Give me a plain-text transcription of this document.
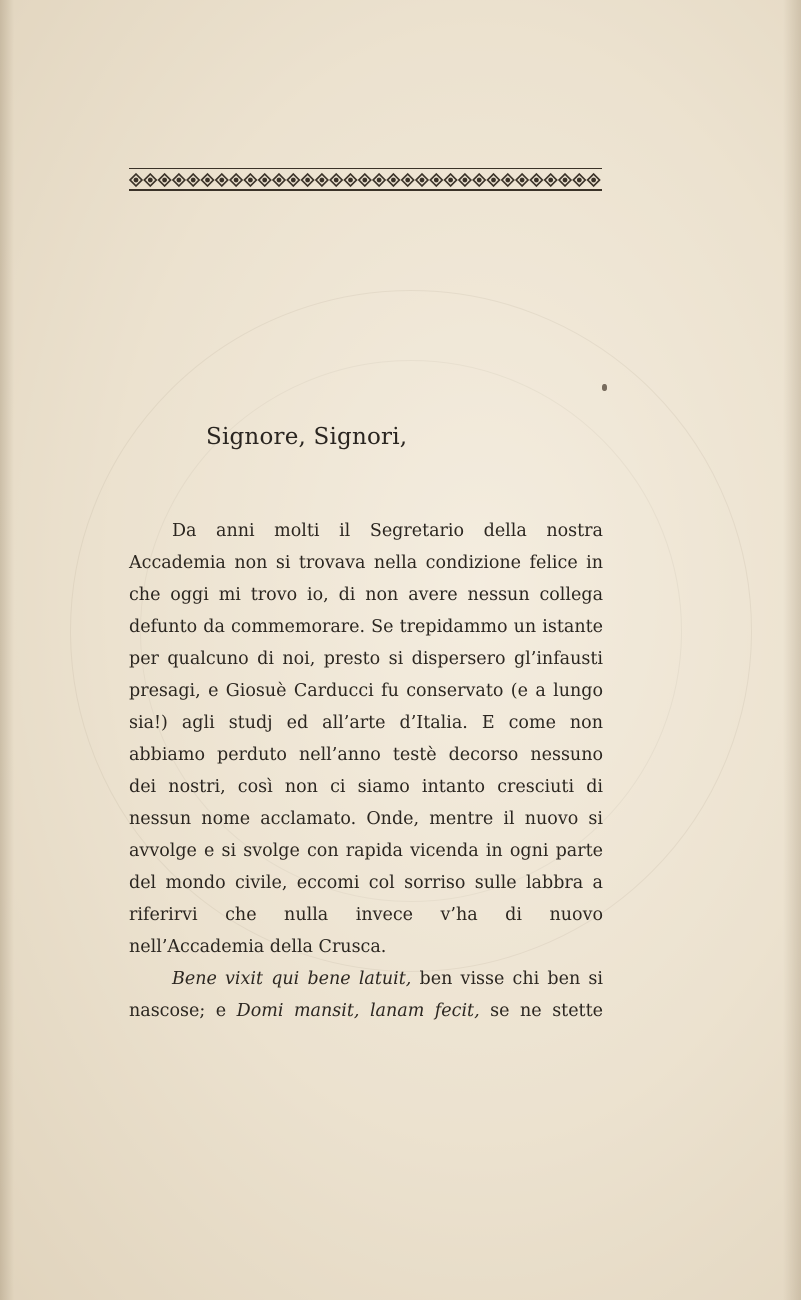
Signore, Signori,

Da anni molti il Segretario della nostra Accademia non si trovava nella condizione felice in che oggi mi trovo io, di non avere nessun collega defunto da commemorare. Se trepidammo un istante per qualcuno di noi, presto si dispersero gl’infausti presagi, e Giosuè Carducci fu conservato (e a lungo sia!) agli studj ed all’arte d’Italia. E come non abbiamo perduto nell’anno testè decorso nessuno dei nostri, così non ci siamo intanto cresciuti di nessun nome acclamato. Onde, mentre il nuovo si avvolge e si svolge con rapida vicenda in ogni parte del mondo civile, eccomi col sorriso sulle labbra a riferirvi che nulla invece v’ha di nuovo nell’Accademia della Crusca.

Bene vixit qui bene latuit, ben visse chi ben si nascose; e Domi mansit, lanam fecit, se ne stette
